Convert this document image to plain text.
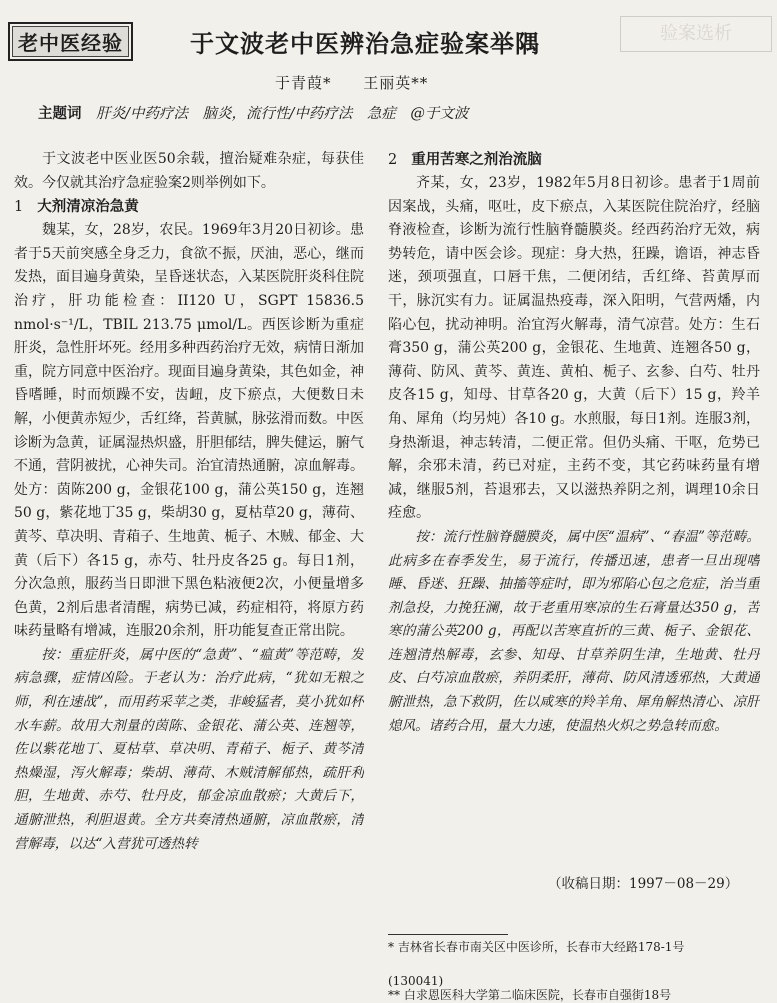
老中医经验	验案选析
于文波老中医辨治急症验案举隅
于青葭* 王丽英**
主题词 肝炎/中药疗法　脑炎，流行性/中药疗法　急症　@于文波

于文波老中医业医50余载，擅治疑难杂症，每获佳效。今仅就其治疗急症验案2则举例如下。

1 大剂清凉治急黄

魏某，女，28岁，农民。1969年3月20日初诊。患者于5天前突感全身乏力，食欲不振，厌油，恶心，继而发热，面目遍身黄染，呈昏迷状态，入某医院肝炎科住院治疗，肝功能检查：II120 U，SGPT 15836.5 nmol·s⁻¹/L，TBIL 213.75 μmol/L。西医诊断为重症肝炎，急性肝坏死。经用多种西药治疗无效，病情日渐加重，院方同意中医治疗。现面目遍身黄染，其色如金，神昏嗜睡，时而烦躁不安，齿衄，皮下瘀点，大便数日未解，小便黄赤短少，舌红绛，苔黄腻，脉弦滑而数。中医诊断为急黄，证属湿热炽盛，肝胆郁结，脾失健运，腑气不通，营阴被扰，心神失司。治宜清热通腑，凉血解毒。处方：茵陈200 g，金银花100 g，蒲公英150 g，连翘50 g，紫花地丁35 g，柴胡30 g，夏枯草20 g，薄荷、黄芩、草决明、青葙子、生地黄、栀子、木贼、郁金、大黄（后下）各15 g，赤芍、牡丹皮各25 g。每日1剂，分次急煎，服药当日即泄下黑色粘液便2次，小便量增多色黄，2剂后患者清醒，病势已减，药症相符，将原方药味药量略有增减，连服20余剂，肝功能复查正常出院。

按：重症肝炎，属中医的“急黄”、“瘟黄”等范畴，发病急骤，症情凶险。于老认为：治疗此病，“犹如无粮之师，利在速战”，而用药采苹之类，非峻猛者，莫小犹如杯水车薪。故用大剂量的茵陈、金银花、蒲公英、连翘等，佐以紫花地丁、夏枯草、草决明、青葙子、栀子、黄芩清热燥湿，泻火解毒；柴胡、薄荷、木贼清解郁热，疏肝利胆，生地黄、赤芍、牡丹皮，郁金凉血散瘀；大黄后下，通腑泄热，利胆退黄。全方共奏清热通腑，凉血散瘀，清营解毒，以达“入营犹可透热转

2 重用苦寒之剂治流脑

齐某，女，23岁，1982年5月8日初诊。患者于1周前因案战，头痛，呕吐，皮下瘀点，入某医院住院治疗，经脑脊液检查，诊断为流行性脑脊髓膜炎。经西药治疗无效，病势转危，请中医会诊。现症：身大热，狂躁，谵语，神志昏迷，颈项强直，口唇干焦，二便闭结，舌红绛、苔黄厚而干，脉沉实有力。证属温热疫毒，深入阳明，气营两燔，内陷心包，扰动神明。治宜泻火解毒，清气凉营。处方：生石膏350 g，蒲公英200 g，金银花、生地黄、连翘各50 g，薄荷、防风、黄芩、黄连、黄柏、栀子、玄参、白芍、牡丹皮各15 g，知母、甘草各20 g，大黄（后下）15 g，羚羊角、犀角（均另炖）各10 g。水煎服，每日1剂。连服3剂，身热渐退，神志转清，二便正常。但仍头痛、干呕，危势已解，余邪未清，药已对症，主药不变，其它药味药量有增减，继服5剂，苔退邪去，又以滋热养阴之剂，调理10余日痊愈。

按：流行性脑脊髓膜炎，属中医“温病”、“春温”等范畴。此病多在春季发生，易于流行，传播迅速，患者一旦出现嗜睡、昏迷、狂躁、抽搐等症时，即为邪陷心包之危症，治当重剂急投，力挽狂澜，故于老重用寒凉的生石膏量达350 g，苦寒的蒲公英200 g，再配以苦寒直折的三黄、栀子、金银花、连翘清热解毒，玄参、知母、甘草养阴生津，生地黄、牡丹皮、白芍凉血散瘀，养阴柔肝，薄荷、防风清透邪热，大黄通腑泄热，急下救阴，佐以咸寒的羚羊角、犀角解热清心、凉肝熄风。诸药合用，量大力速，使温热火炽之势急转而愈。

（收稿日期：1997－08－29）
* 吉林省长春市南关区中医诊所，长春市大经路178-1号
(130041)
** 白求恩医科大学第二临床医院，长春市自强街18号
